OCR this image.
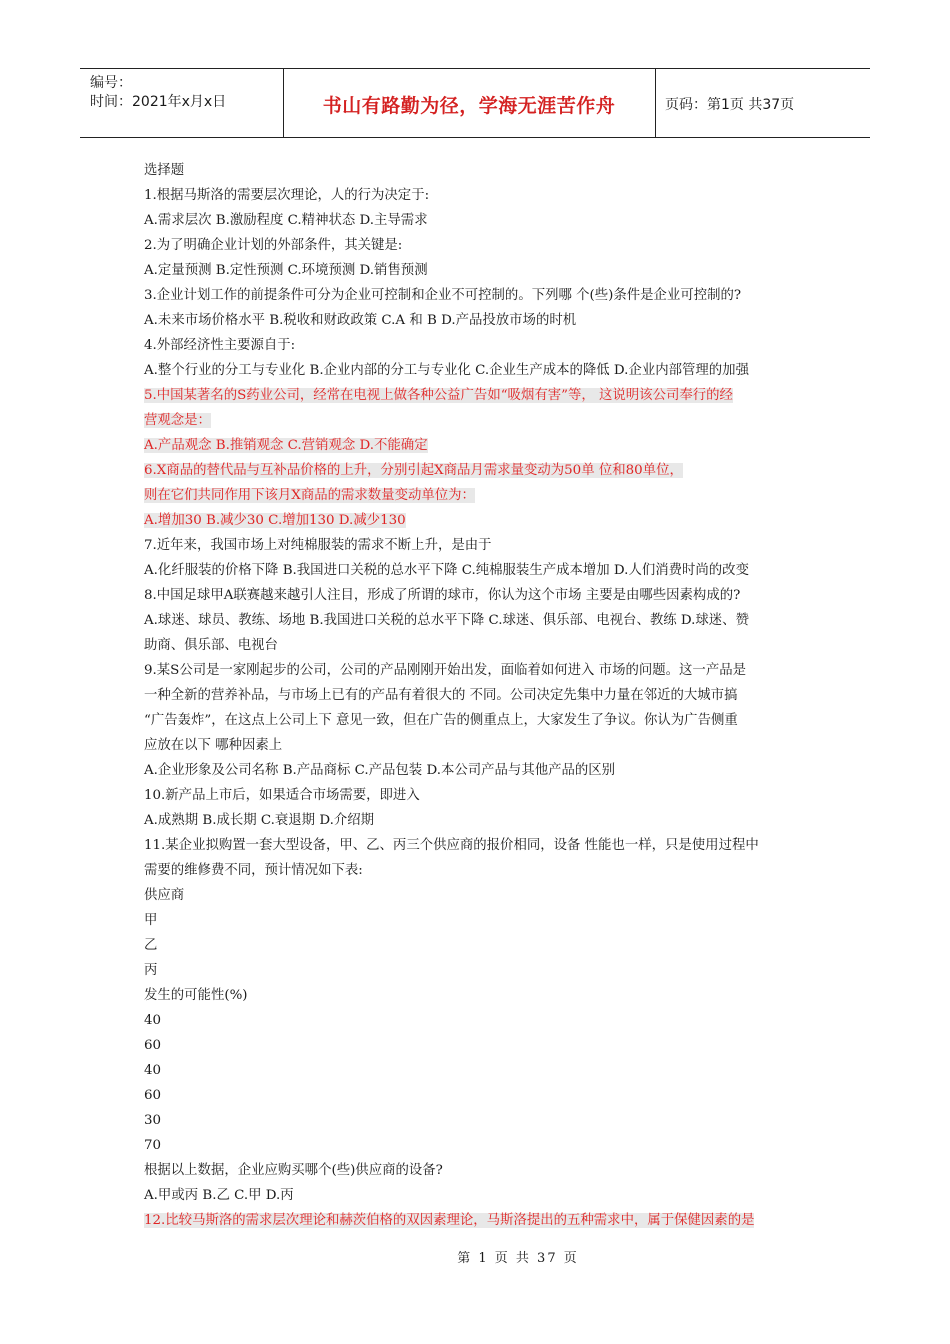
编号：
时间：2021年x月x日	书山有路勤为径，学海无涯苦作舟	页码：第1页 共37页
选择题
1.根据马斯洛的需要层次理论，人的行为决定于:
A.需求层次 B.激励程度 C.精神状态 D.主导需求
2.为了明确企业计划的外部条件，其关键是:
A.定量预测 B.定性预测 C.环境预测 D.销售预测
3.企业计划工作的前提条件可分为企业可控制和企业不可控制的。下列哪 个(些)条件是企业可控制的?
A.未来市场价格水平 B.税收和财政政策 C.A 和 B D.产品投放市场的时机
4.外部经济性主要源自于:
A.整个行业的分工与专业化 B.企业内部的分工与专业化 C.企业生产成本的降低 D.企业内部管理的加强
5.中国某著名的S药业公司，经常在电视上做各种公益广告如“吸烟有害”等， 这说明该公司奉行的经
营观念是：
A.产品观念 B.推销观念 C.营销观念 D.不能确定
6.X商品的替代品与互补品价格的上升，分别引起X商品月需求量变动为50单 位和80单位，
则在它们共同作用下该月X商品的需求数量变动单位为：
A.增加30 B.减少30 C.增加130 D.减少130
7.近年来，我国市场上对纯棉服装的需求不断上升，是由于
A.化纤服装的价格下降 B.我国进口关税的总水平下降 C.纯棉服装生产成本增加 D.人们消费时尚的改变
8.中国足球甲A联赛越来越引人注目，形成了所谓的球市，你认为这个市场 主要是由哪些因素构成的?
A.球迷、球员、教练、场地 B.我国进口关税的总水平下降 C.球迷、俱乐部、电视台、教练 D.球迷、赞
助商、俱乐部、电视台
9.某S公司是一家刚起步的公司，公司的产品刚刚开始出发，面临着如何进入 市场的问题。这一产品是
一种全新的营养补品，与市场上已有的产品有着很大的 不同。公司决定先集中力量在邻近的大城市搞
“广告轰炸”，在这点上公司上下 意见一致，但在广告的侧重点上，大家发生了争议。你认为广告侧重
应放在以下 哪种因素上
A.企业形象及公司名称 B.产品商标 C.产品包装 D.本公司产品与其他产品的区别
10.新产品上市后，如果适合市场需要，即进入
A.成熟期 B.成长期 C.衰退期 D.介绍期
11.某企业拟购置一套大型设备，甲、乙、丙三个供应商的报价相同，设备 性能也一样，只是使用过程中
需要的维修费不同，预计情况如下表:
供应商
甲
乙
丙
发生的可能性(%)
40
60
40
60
30
70
根据以上数据，企业应购买哪个(些)供应商的设备?
A.甲或丙 B.乙 C.甲 D.丙
12.比较马斯洛的需求层次理论和赫茨伯格的双因素理论，马斯洛提出的五种需求中，属于保健因素的是
第 1 页 共 37 页
